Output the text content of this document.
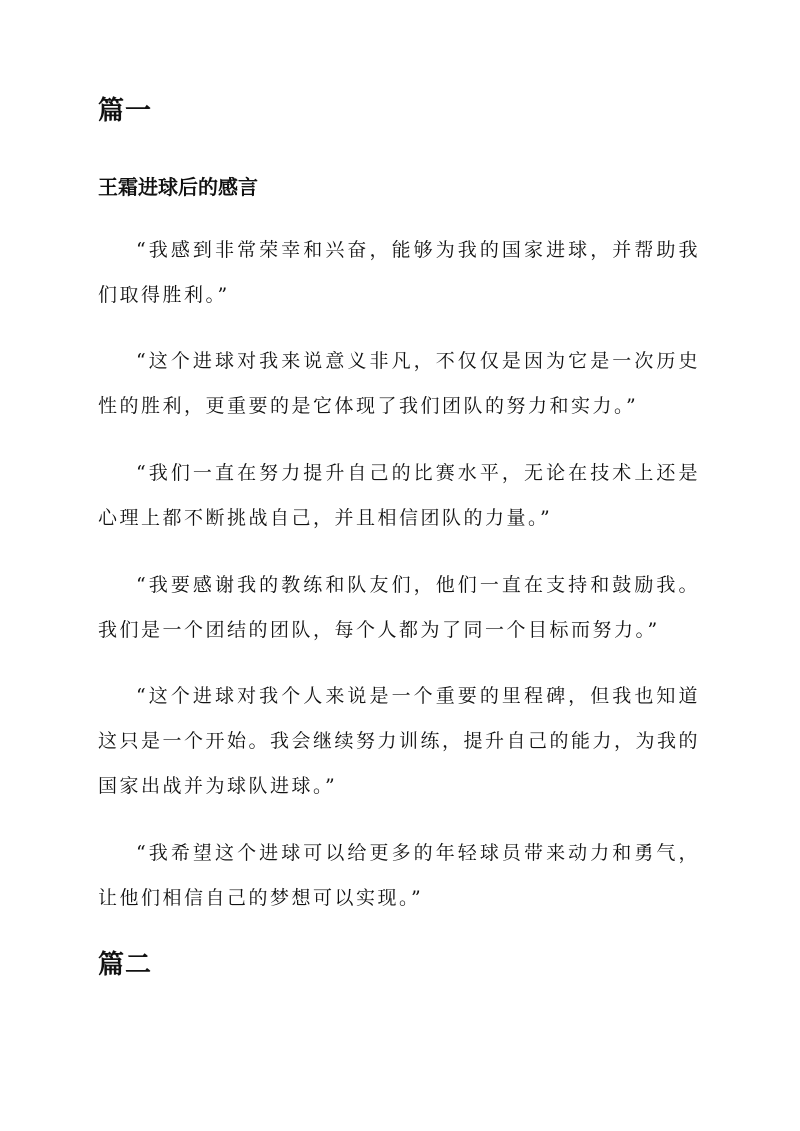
篇一
王霜进球后的感言

“我感到非常荣幸和兴奋，能够为我的国家进球，并帮助我们取得胜利。”

“这个进球对我来说意义非凡，不仅仅是因为它是一次历史性的胜利，更重要的是它体现了我们团队的努力和实力。”

“我们一直在努力提升自己的比赛水平，无论在技术上还是心理上都不断挑战自己，并且相信团队的力量。”

“我要感谢我的教练和队友们，他们一直在支持和鼓励我。我们是一个团结的团队，每个人都为了同一个目标而努力。”

“这个进球对我个人来说是一个重要的里程碑，但我也知道这只是一个开始。我会继续努力训练，提升自己的能力，为我的国家出战并为球队进球。”

“我希望这个进球可以给更多的年轻球员带来动力和勇气，让他们相信自己的梦想可以实现。”

篇二
